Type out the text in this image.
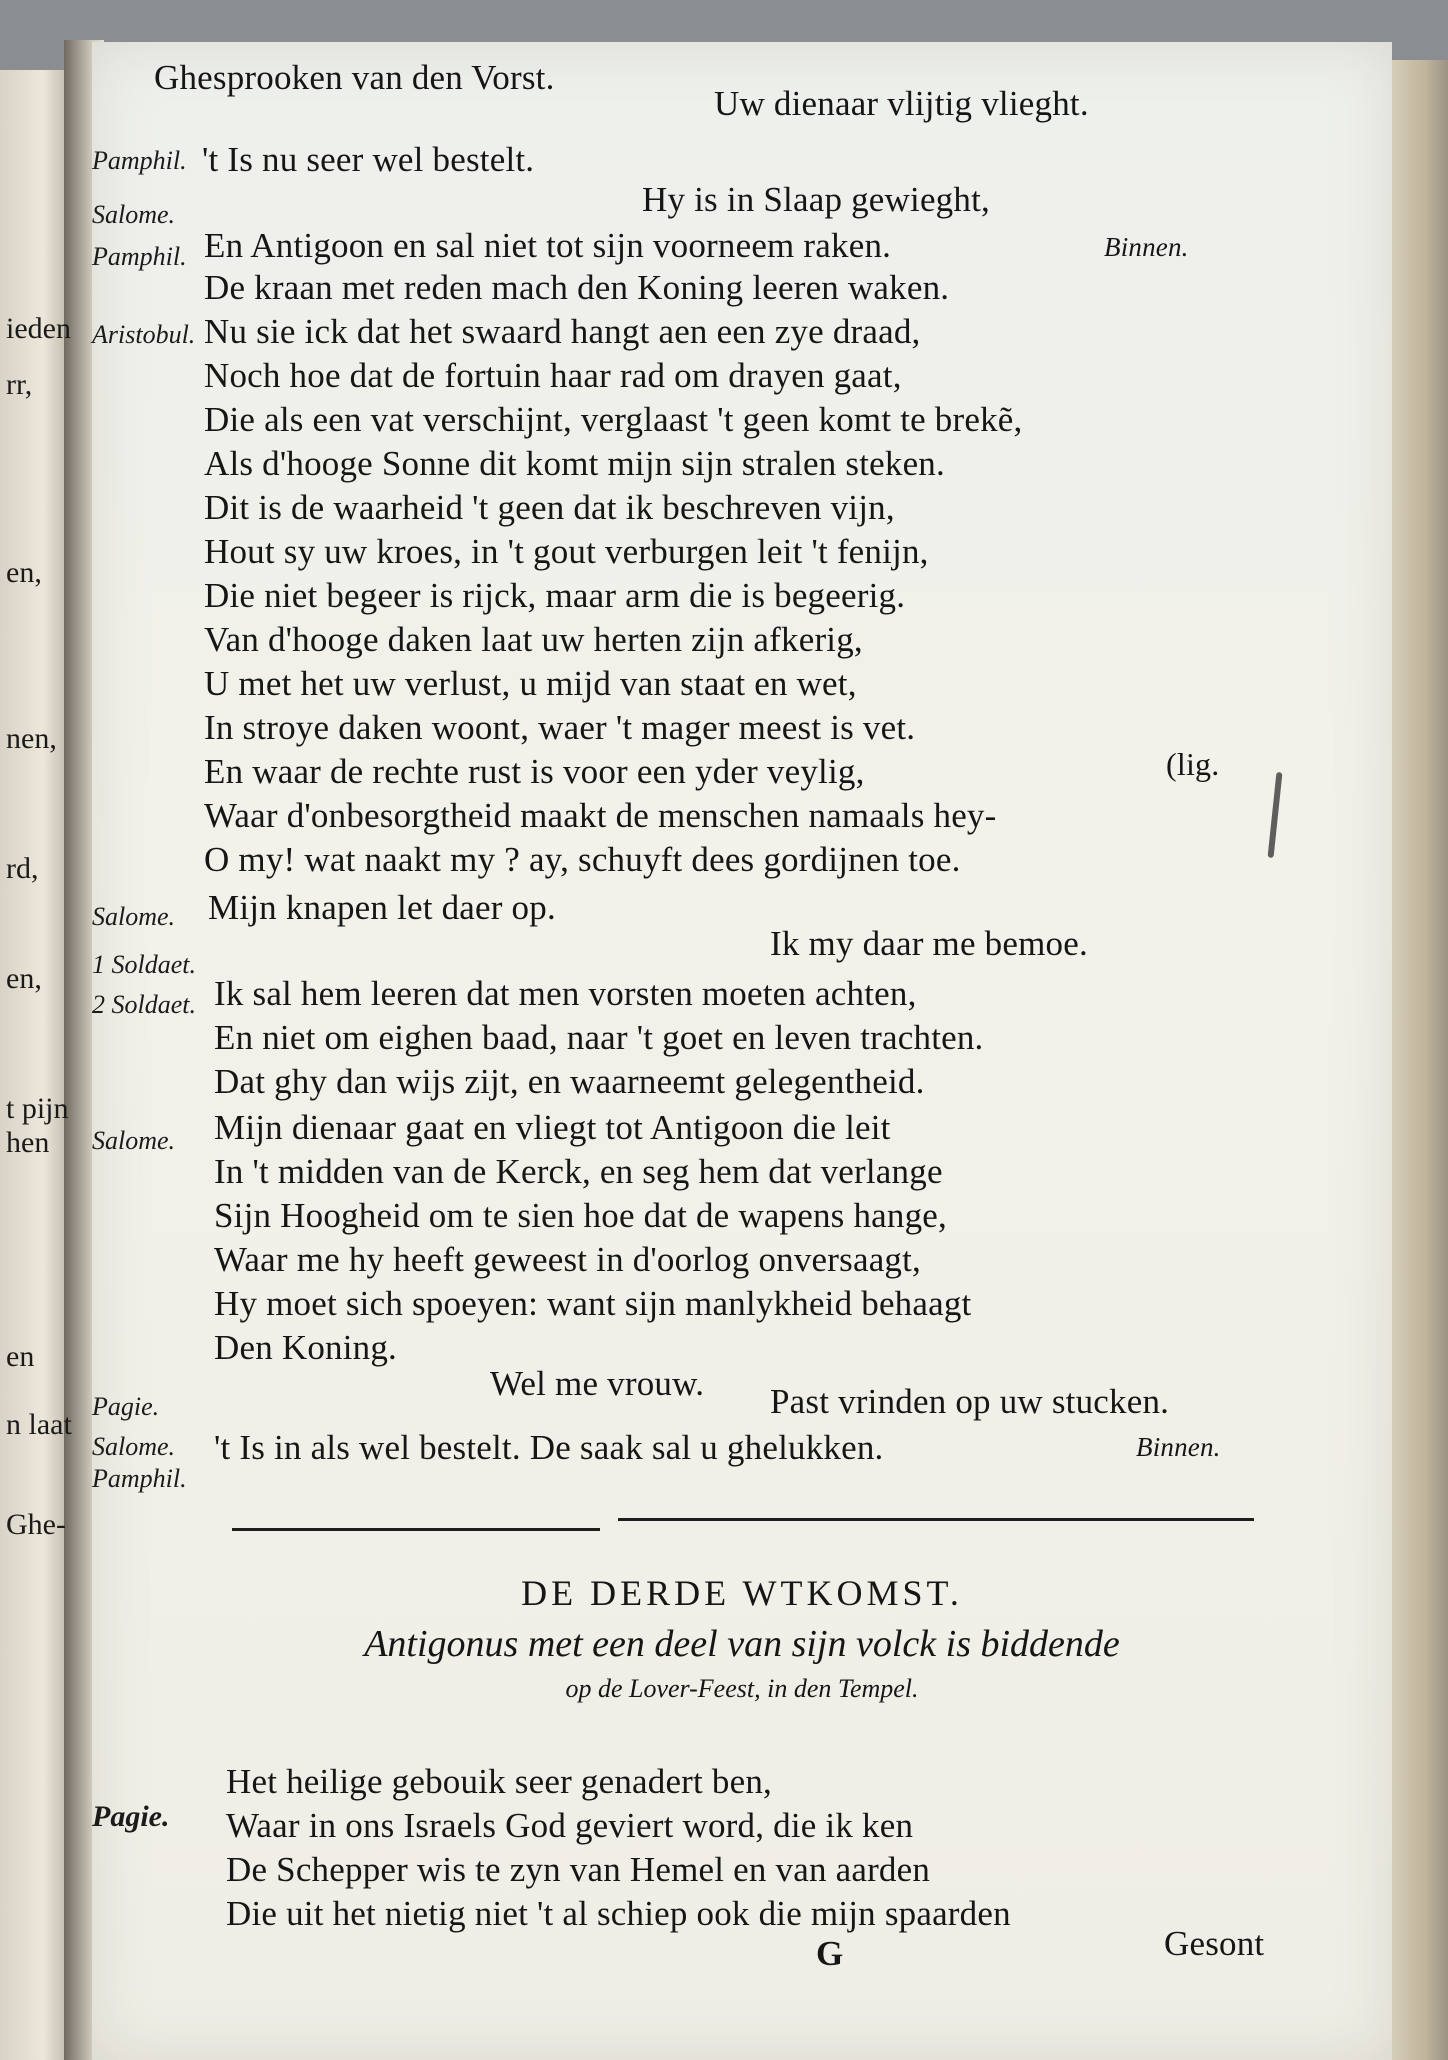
ieden
rr,
en,
nen,
rd,
en,
t pijn
hen
en
n laat
Ghe-
Ghesprooken van den Vorst.
Uw dienaar vlijtig vlieght.
Pamphil. 't Is nu seer wel bestelt.
Salome.	Hy is in Slaap gewieght,
Pamphil. En Antigoon en sal niet tot sijn voorneem raken.	Binnen.
De kraan met reden mach den Koning leeren waken.
Aristobul. Nu sie ick dat het swaard hangt aen een zye draad,
Noch hoe dat de fortuin haar rad om drayen gaat,
Die als een vat verschijnt, verglaast 't geen komt te brekẽ,
Als d'hooge Sonne dit komt mijn sijn stralen steken.
Dit is de waarheid 't geen dat ik beschreven vijn,
Hout sy uw kroes, in 't gout verburgen leit 't fenijn,
Die niet begeer is rijck, maar arm die is begeerig.
Van d'hooge daken laat uw herten zijn afkerig,
U met het uw verlust, u mijd van staat en wet,
In stroye daken woont, waer 't mager meest is vet.
En waar de rechte rust is voor een yder veylig,	(lig.
Waar d'onbesorgtheid maakt de menschen namaals hey-
O my! wat naakt my ? ay, schuyft dees gordijnen toe.
Salome. Mijn knapen let daer op.
1 Soldaet.
Ik my daar me bemoe.
2 Soldaet. Ik sal hem leeren dat men vorsten moeten achten,
En niet om eighen baad, naar 't goet en leven trachten.
Dat ghy dan wijs zijt, en waarneemt gelegentheid.
Salome.	Mijn dienaar gaat en vliegt tot Antigoon die leit
In 't midden van de Kerck, en seg hem dat verlange
Sijn Hoogheid om te sien hoe dat de wapens hange,
Waar me hy heeft geweest in d'oorlog onversaagt,
Hy moet sich spoeyen: want sijn manlykheid behaagt
Den Koning.
Pagie.
Wel me vrouw.
Salome.
Past vrinden op uw stucken.
Pamphil.
't Is in als wel bestelt. De saak sal u ghelukken.	Binnen.
DE DERDE WTKOMST.
Antigonus met een deel van sijn volck is biddende
op de Lover-Feest, in den Tempel.
Het heilige gebouik seer genadert ben,
Pagie.	Waar in ons Israels God geviert word, die ik ken
De Schepper wis te zyn van Hemel en van aarden
Die uit het nietig niet 't al schiep ook die mijn spaarden
G	Gesont
